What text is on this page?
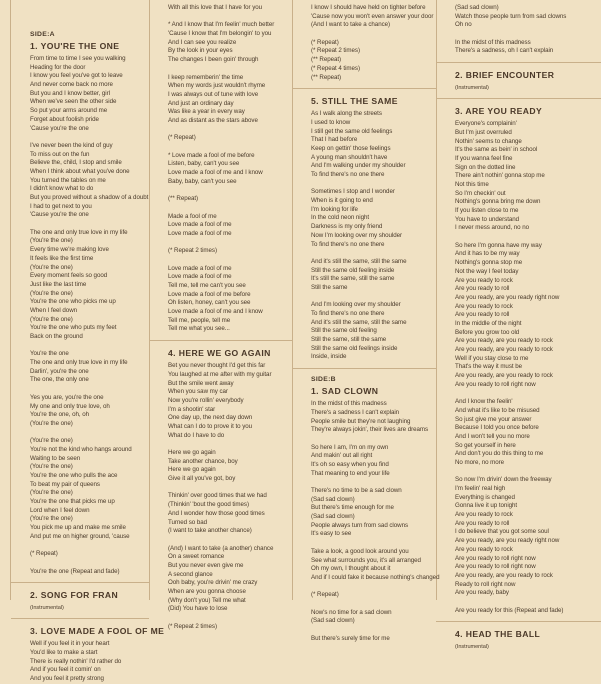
SIDE:A
1. YOU'RE THE ONE
From time to time I see you walking
Heading for the door
I know you feel you've got to leave
And never come back no more
But you and I know better, girl
When we've seen the other side
So put your arms around me
Forget about foolish pride
'Cause you're the one
I've never been the kind of guy
To miss out on the fun
Believe the, child, I stop and smile
When I think about what you've done
You turned the tables on me
I didn't know what to do
But you proved without a shadow of a doubt
I had to get next to you
'Cause you're the one
The one and only true love in my life
(You're the one)
Every time we're making love
It feels like the first time
(You're the one)
Every moment feels so good
Just like the last time
(You're the one)
You're the one who picks me up
When I feel down
(You're the one)
You're the one who puts my feet
Back on the ground
You're the one
The one and only true love in my life
Darlin', you're the one
The one, the only one
Yes you are, you're the one
My one and only true love, oh
You're the one, oh, oh
(You're the one)
(You're the one)
You're not the kind who hangs around
Waiting to be seen
(You're the one)
You're the one who pulls the ace
To beat my pair of queens
(You're the one)
You're the one that picks me up
Lord when I feel down
(You're the one)
You pick me up and make me smile
And put me on higher ground, 'cause
(* Repeat)
You're the one (Repeat and fade)
2. SONG FOR FRAN
(Instrumental)
3. LOVE MADE A FOOL OF ME
Well if you feel it in your heart
You'd like to make a start
There is really nothin' I'd rather do
And if you feel it comin' on
And you feel it pretty strong
With all this love that I have for you
* And I know that I'm feelin' much better
'Cause I know that I'm belongin' to you
And I can see you realize
By the look in your eyes
The changes I been goin' through
I keep rememberin' the time
When my words just wouldn't rhyme
I was always out of tune with love
And just an ordinary day
Was like a year in every way
And as distant as the stars above
(* Repeat)
* Love made a fool of me before
Listen, baby, can't you see
Love made a fool of me and I know
Baby, baby, can't you see
(** Repeat)
Made a fool of me
Love made a fool of me
Love made a fool of me
(* Repeat 2 times)
Love made a fool of me
Love made a fool of me
Tell me, tell me can't you see
Love made a fool of me before
Oh listen, honey, can't you see
Love made a fool of me and I know
Tell me, people, tell me
Tell me what you see...
4. HERE WE GO AGAIN
Bet you never thought I'd get this far
You laughed at me after with my guitar
But the smile went away
When you saw my car
Now you're rollin' everybody
I'm a shootin' star
One day up, the next day down
What can I do to prove it to you
What do I have to do
Here we go again
Take another chance, boy
Here we go again
Give it all you've got, boy
Thinkin' over good times that we had
(Thinkin' 'bout the good times)
And I wonder how those good times
Turned so bad
(I want to take another chance)
(And) I want to take (a another) chance
On a sweet romance
But you never even give me
A second glance
Ooh baby, you're drivin' me crazy
When are you gonna choose
(Why don't you) Tell me what
(Did) You have to lose
(* Repeat 2 times)
I know I should have held on tighter before
'Cause now you won't even answer your door
(And I want to take a chance)
(* Repeat)
(* Repeat 2 times)
(** Repeat)
(* Repeat 4 times)
(** Repeat)
5. STILL THE SAME
As I walk along the streets
I used to know
I still get the same old feelings
That I had before
Keep on gettin' those feelings
A young man shouldn't have
And I'm walking under my shoulder
To find there's no one there
Sometimes I stop and I wonder
When is it going to end
I'm looking for life
In the cold neon night
Darkness is my only friend
Now I'm looking over my shoulder
To find there's no one there
And it's still the same, still the same
Still the same old feeling inside
It's still the same, still the same
Still the same
And I'm looking over my shoulder
To find there's no one there
And it's still the same, still the same
Still the same old feeling
Still the same, still the same
Still the same old feelings inside
Inside, inside
SIDE:B
1. SAD CLOWN
In the midst of this madness
There's a sadness I can't explain
People smile but they're not laughing
They're always jokin', their lives are dreams
So here I am, I'm on my own
And makin' out all right
It's oh so easy when you find
That meaning to end your life
There's no time to be a sad clown
(Sad sad clown)
But there's time enough for me
(Sad sad clown)
People always turn from sad clowns
It's easy to see
Take a look, a good look around you
See what surrounds you, it's all arranged
Oh my own, I thought about it
And if I could fake it because nothing's changed
(* Repeat)
Now's no time for a sad clown
(Sad sad clown)
But there's surely time for me
(Sad sad clown)
Watch those people turn from sad clowns
Oh no
In the midst of this madness
There's a sadness, oh I can't explain
2. BRIEF ENCOUNTER
(Instrumental)
3. ARE YOU READY
Everyone's complainin'
But I'm just overruled
Nothin' seems to change
It's the same as bein' in school
If you wanna feel fine
Sign on the dotted line
There ain't nothin' gonna stop me
Not this time
So I'm checkin' out
Nothing's gonna bring me down
If you listen close to me
You have to understand
I never mess around, no no
So here I'm gonna have my way
And it has to be my way
Nothing's gonna stop me
Not the way I feel today
Are you ready to rock
Are you ready to roll
Are you ready, are you ready right now
Are you ready to rock
Are you ready to roll
In the middle of the night
Before you grow too old
Are you ready, are you ready to rock
Are you ready, are you ready to rock
Well if you stay close to me
That's the way it must be
Are you ready, are you ready to rock
Are you ready to roll right now
And I know the feelin'
And what it's like to be misused
So just give me your answer
Because I told you once before
And I won't tell you no more
So get yourself in here
And don't you do this thing to me
No more, no more
So now I'm drivin' down the freeway
I'm feelin' real high
Everything is changed
Gonna live it up tonight
Are you ready to rock
Are you ready to roll
I do believe that you got some soul
Are you ready, are you ready right now
Are you ready to rock
Are you ready to roll right now
Are you ready to roll right now
Are you ready, are you ready to rock
Ready to roll right now
Are you ready, baby
Are you ready for this (Repeat and fade)
4. HEAD THE BALL
(Instrumental)
